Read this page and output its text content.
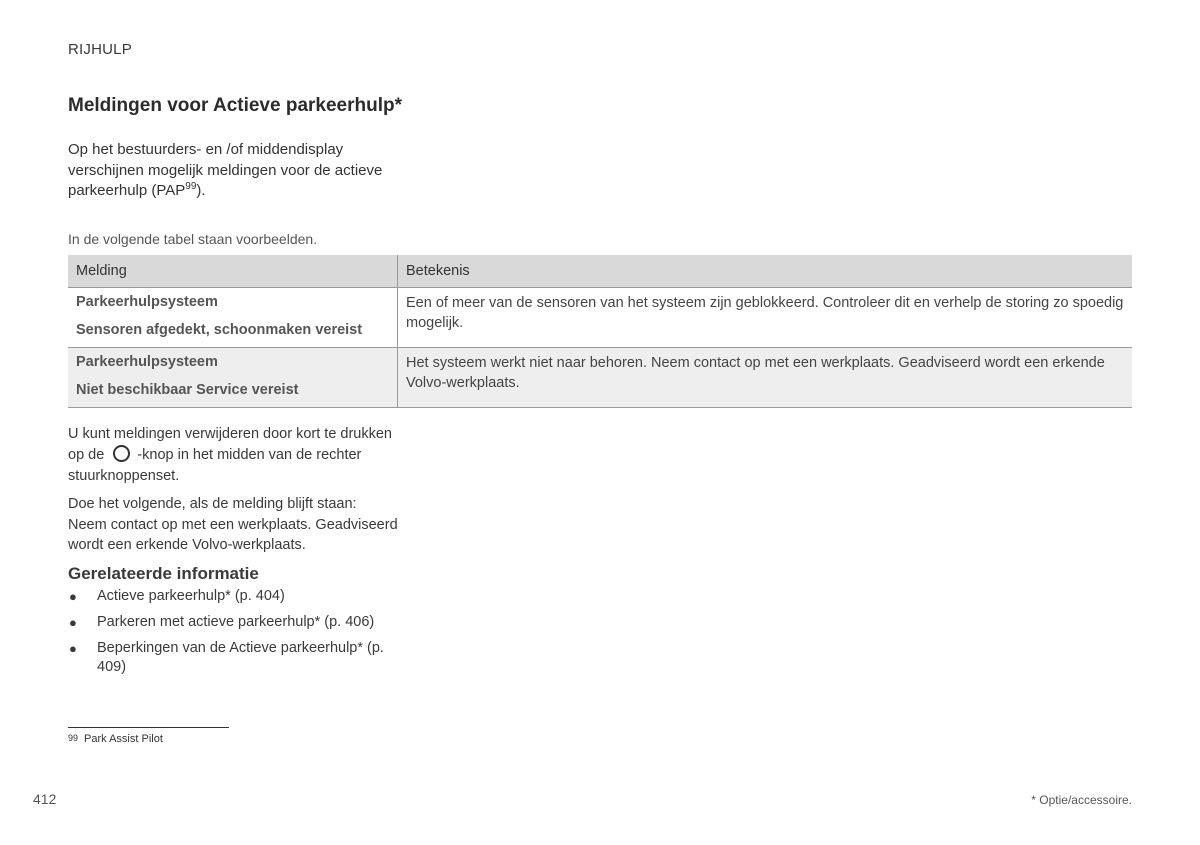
RIJHULP
Meldingen voor Actieve parkeerhulp*
Op het bestuurders- en /of middendisplay verschijnen mogelijk meldingen voor de actieve parkeerhulp (PAP$^{99}$).
In de volgende tabel staan voorbeelden.
Melding	Betekenis

Parkeerhulpsysteem
Sensoren afgedekt, schoonmaken vereist	Een of meer van de sensoren van het systeem zijn geblokkeerd. Controleer dit en verhelp de storing zo spoedig mogelijk.

Parkeerhulpsysteem
Niet beschikbaar Service vereist	Het systeem werkt niet naar behoren. Neem contact op met een werkplaats. Geadviseerd wordt een erkende Volvo-werkplaats.
U kunt meldingen verwijderen door kort te drukken op de -knop in het midden van de rechter stuurknoppenset.
Doe het volgende, als de melding blijft staan: Neem contact op met een werkplaats. Geadviseerd wordt een erkende Volvo-werkplaats.
Gerelateerde informatie
● Actieve parkeerhulp* (p. 404)
● Parkeren met actieve parkeerhulp* (p. 406)
● Beperkingen van de Actieve parkeerhulp* (p. 409)
99 Park Assist Pilot
412	* Optie/accessoire.
